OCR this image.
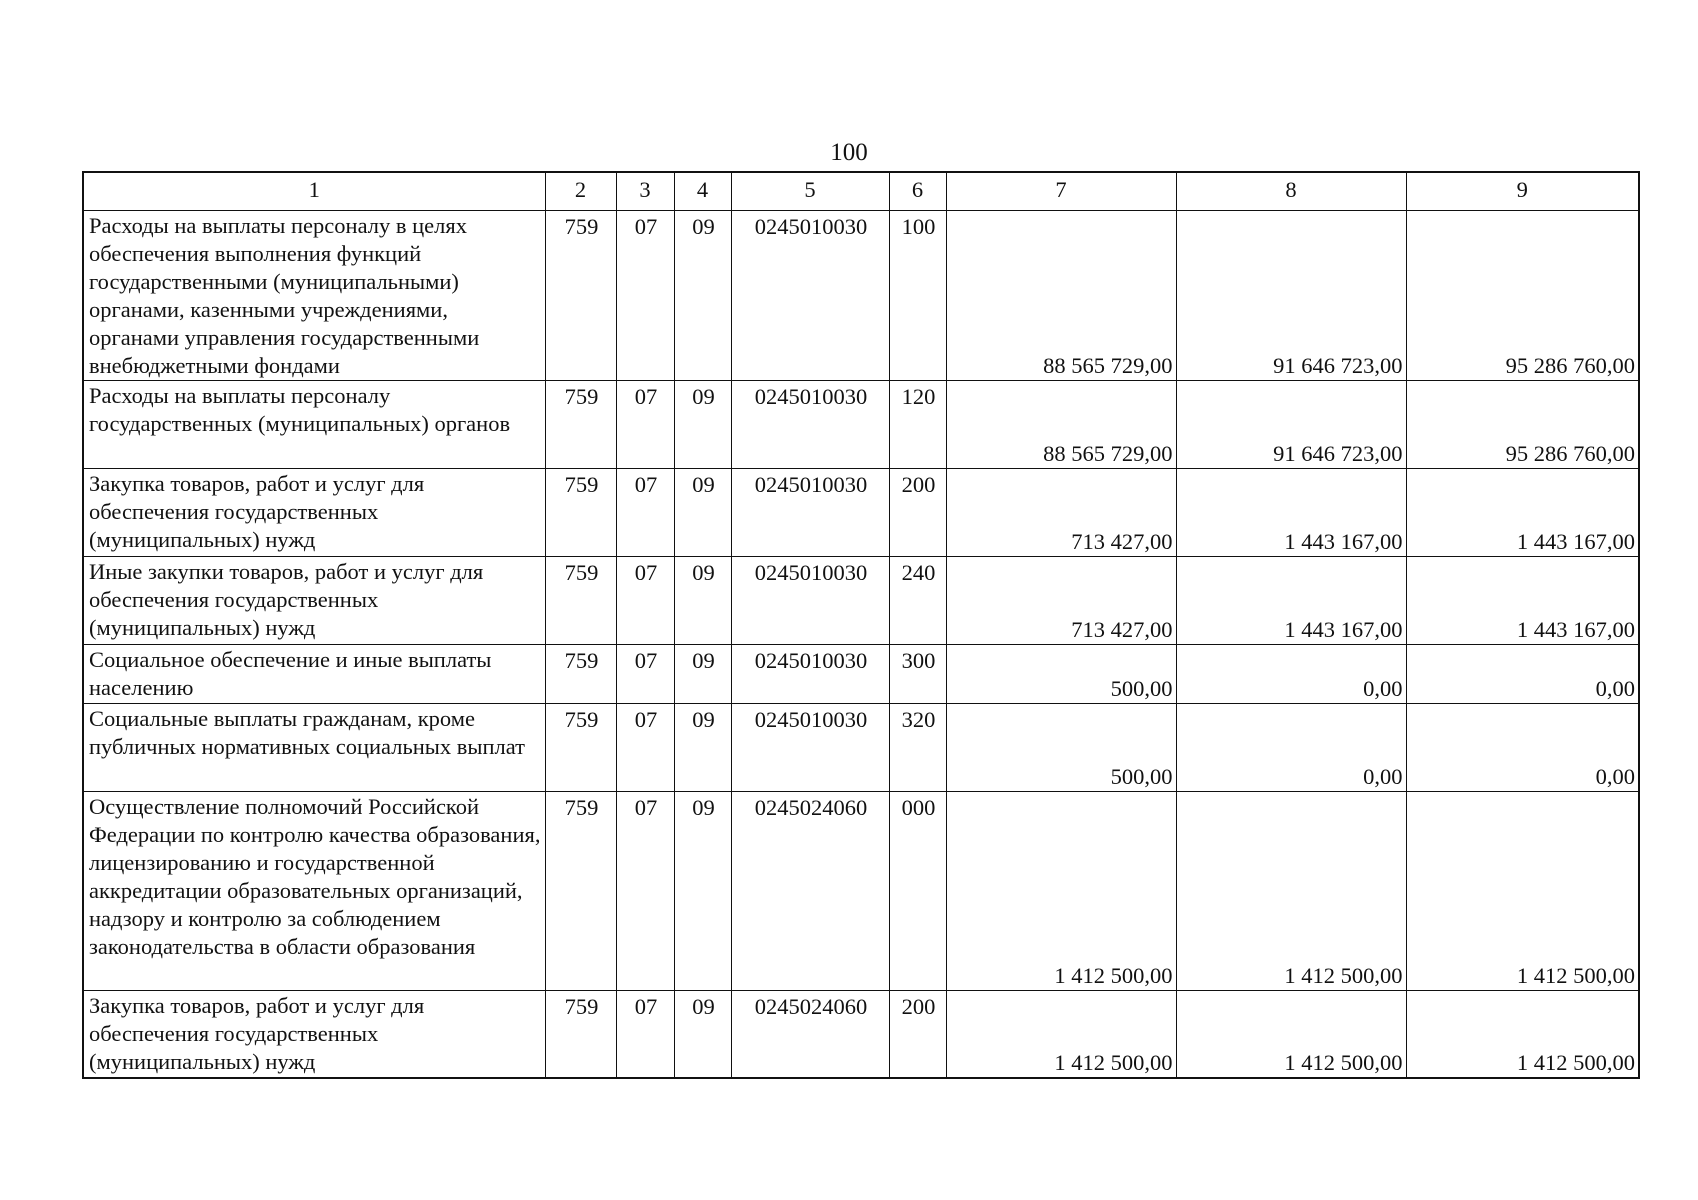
100
1	2	3	4	5	6	7	8	9
Расходы на выплаты персоналу в целях обеспечения выполнения функций государственными (муниципальными) органами, казенными учреждениями, органами управления государственными внебюджетными фондами	759	07	09	0245010030	100	88 565 729,00	91 646 723,00	95 286 760,00
Расходы на выплаты персоналу государственных (муниципальных) органов	759	07	09	0245010030	120	88 565 729,00	91 646 723,00	95 286 760,00
Закупка товаров, работ и услуг для обеспечения государственных (муниципальных) нужд	759	07	09	0245010030	200	713 427,00	1 443 167,00	1 443 167,00
Иные закупки товаров, работ и услуг для обеспечения государственных (муниципальных) нужд	759	07	09	0245010030	240	713 427,00	1 443 167,00	1 443 167,00
Социальное обеспечение и иные выплаты населению	759	07	09	0245010030	300	500,00	0,00	0,00
Социальные выплаты гражданам, кроме публичных нормативных социальных выплат	759	07	09	0245010030	320	500,00	0,00	0,00
Осуществление полномочий Российской Федерации по контролю качества образования, лицензированию и государственной аккредитации образовательных организаций, надзору и контролю за соблюдением законодательства в области образования	759	07	09	0245024060	000	1 412 500,00	1 412 500,00	1 412 500,00
Закупка товаров, работ и услуг для обеспечения государственных (муниципальных) нужд	759	07	09	0245024060	200	1 412 500,00	1 412 500,00	1 412 500,00
